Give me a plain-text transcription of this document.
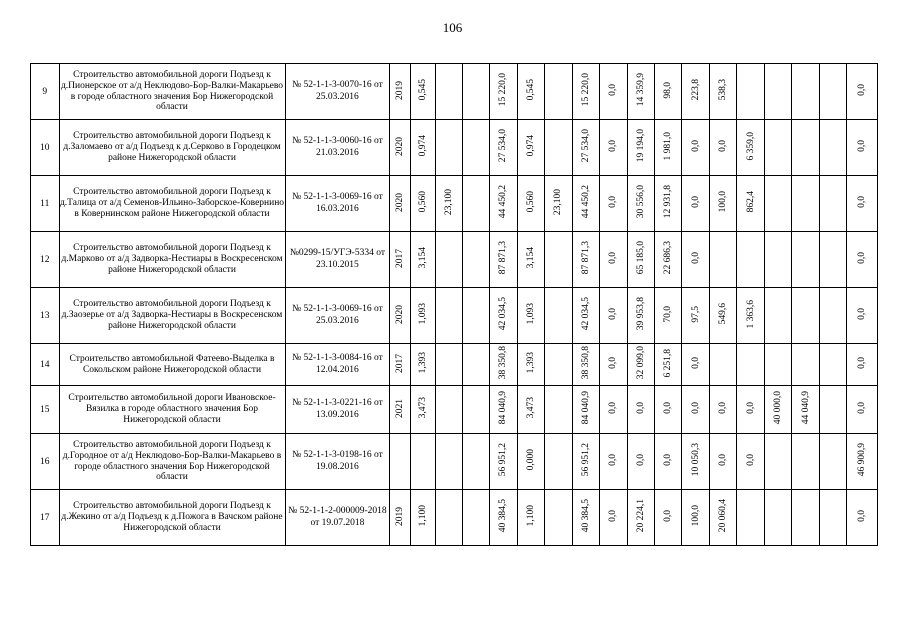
106
9	Строительство автомобильной дороги Подъезд к д.Пионерское от а/д Неклюдово-Бор-Валки-Макарьево в городе областного значения Бор Нижегородской области	№ 52-1-1-3-0070-16 от 25.03.2016	2019	0,545			15 220,0	0,545		15 220,0	0,0	14 359,9	98,0	223,8	538,3					0,0
10	Строительство автомобильной дороги Подъезд к д.Заломаево от а/д Подъезд к д.Серково в Городецком районе Нижегородской области	№ 52-1-1-3-0060-16 от 21.03.2016	2020	0,974			27 534,0	0,974		27 534,0	0,0	19 194,0	1 981,0	0,0	0,0	6 359,0				0,0
11	Строительство автомобильной дороги Подъезд к д.Талица от а/д Семенов-Ильино-Заборское-Ковернино в Ковернинском районе Нижегородской области	№ 52-1-1-3-0069-16 от 16.03.2016	2020	0,560	23,100		44 450,2	0,560	23,100	44 450,2	0,0	30 556,0	12 931,8	0,0	100,0	862,4				0,0
12	Строительство автомобильной дороги Подъезд к д.Марково от а/д Задворка-Нестиары в Воскресенском районе Нижегородской области	№0299-15/УГЭ-5334 от 23.10.2015	2017	3,154			87 871,3	3,154		87 871,3	0,0	65 185,0	22 686,3	0,0						0,0
13	Строительство автомобильной дороги Подъезд к д.Заозерье от а/д Задворка-Нестиары в Воскресенском районе Нижегородской области	№ 52-1-1-3-0069-16 от 25.03.2016	2020	1,093			42 034,5	1,093		42 034,5	0,0	39 953,8	70,0	97,5	549,6	1 363,6				0,0
14	Строительство автомобильной Фатеево-Выделка в Сокольском районе Нижегородской области	№ 52-1-1-3-0084-16 от 12.04.2016	2017	1,393			38 350,8	1,393		38 350,8	0,0	32 099,0	6 251,8	0,0						0,0
15	Строительство автомобильной дороги Ивановское-Вязилка в городе областного значения Бор Нижегородской области	№ 52-1-1-3-0221-16 от 13.09.2016	2021	3,473			84 040,9	3,473		84 040,9	0,0	0,0	0,0	0,0	0,0	0,0	40 000,0	44 040,9		0,0
16	Строительство автомобильной дороги Подъезд к д.Городное от а/д Неклюдово-Бор-Валки-Макарьево в городе областного значения Бор Нижегородской области	№ 52-1-1-3-0198-16 от 19.08.2016					56 951,2	0,000		56 951,2	0,0	0,0	0,0	10 050,3	0,0	0,0				46 900,9
17	Строительство автомобильной дороги Подъезд к д.Жекино от а/д Подъезд к д.Пожога в Вачском районе Нижегородской области	№ 52-1-1-2-000009-2018 от 19.07.2018	2019	1,100			40 384,5	1,100		40 384,5	0,0	20 224,1	0,0	100,0	20 060,4					0,0
